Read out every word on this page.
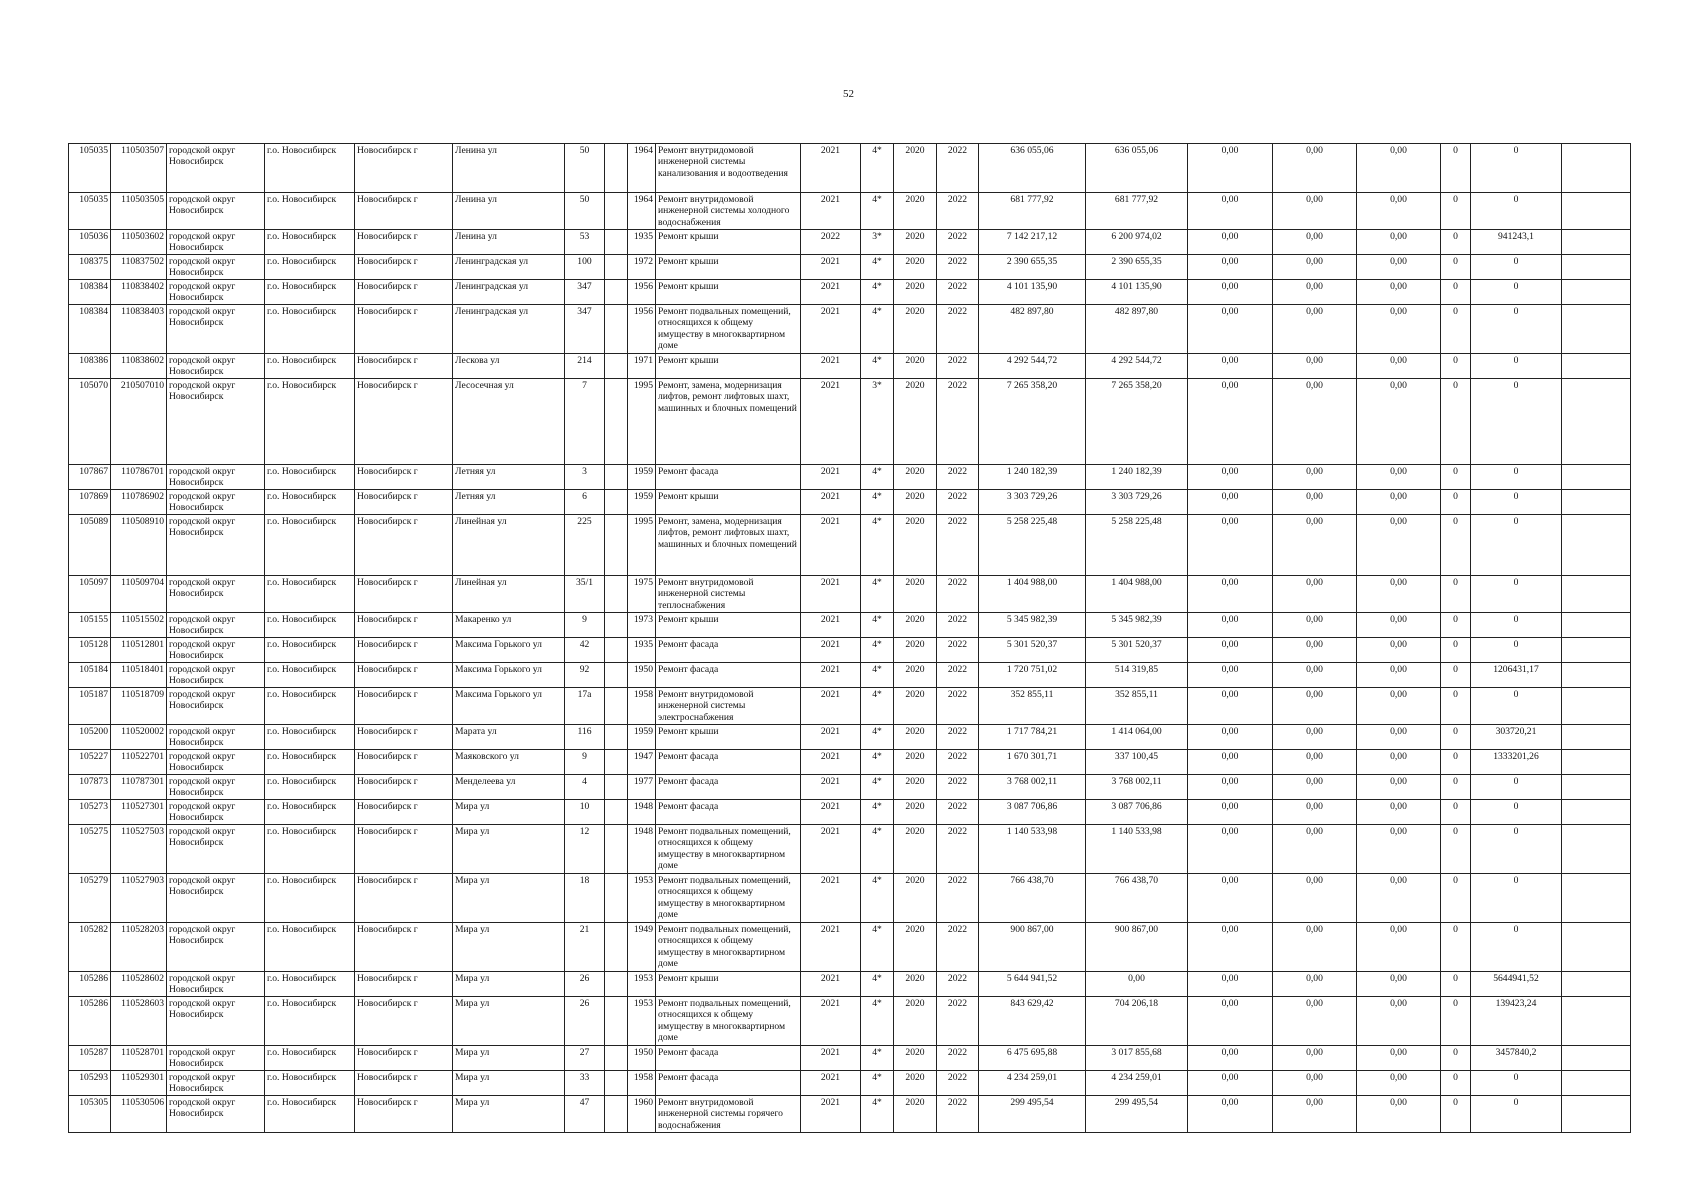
52
105035	110503507	городской округ Новосибирск	г.о. Новосибирск	Новосибирск г	Ленина ул	50		1964	Ремонт внутридомовой инженерной системы канализования и водоотведения	2021	4*	2020	2022	636 055,06	636 055,06	0,00	0,00	0,00	0	0	
105035	110503505	городской округ Новосибирск	г.о. Новосибирск	Новосибирск г	Ленина ул	50		1964	Ремонт внутридомовой инженерной системы холодного водоснабжения	2021	4*	2020	2022	681 777,92	681 777,92	0,00	0,00	0,00	0	0	
105036	110503602	городской округ Новосибирск	г.о. Новосибирск	Новосибирск г	Ленина ул	53		1935	Ремонт крыши	2022	3*	2020	2022	7 142 217,12	6 200 974,02	0,00	0,00	0,00	0	941243,1	
108375	110837502	городской округ Новосибирск	г.о. Новосибирск	Новосибирск г	Ленинградская ул	100		1972	Ремонт крыши	2021	4*	2020	2022	2 390 655,35	2 390 655,35	0,00	0,00	0,00	0	0	
108384	110838402	городской округ Новосибирск	г.о. Новосибирск	Новосибирск г	Ленинградская ул	347		1956	Ремонт крыши	2021	4*	2020	2022	4 101 135,90	4 101 135,90	0,00	0,00	0,00	0	0	
108384	110838403	городской округ Новосибирск	г.о. Новосибирск	Новосибирск г	Ленинградская ул	347		1956	Ремонт подвальных помещений, относящихся к общему имуществу в многоквартирном доме	2021	4*	2020	2022	482 897,80	482 897,80	0,00	0,00	0,00	0	0	
108386	110838602	городской округ Новосибирск	г.о. Новосибирск	Новосибирск г	Лескова ул	214		1971	Ремонт крыши	2021	4*	2020	2022	4 292 544,72	4 292 544,72	0,00	0,00	0,00	0	0	
105070	210507010	городской округ Новосибирск	г.о. Новосибирск	Новосибирск г	Лесосечная ул	7		1995	Ремонт, замена, модернизация лифтов, ремонт лифтовых шахт, машинных и блочных помещений	2021	3*	2020	2022	7 265 358,20	7 265 358,20	0,00	0,00	0,00	0	0	
107867	110786701	городской округ Новосибирск	г.о. Новосибирск	Новосибирск г	Летняя ул	3		1959	Ремонт фасада	2021	4*	2020	2022	1 240 182,39	1 240 182,39	0,00	0,00	0,00	0	0	
107869	110786902	городской округ Новосибирск	г.о. Новосибирск	Новосибирск г	Летняя ул	6		1959	Ремонт крыши	2021	4*	2020	2022	3 303 729,26	3 303 729,26	0,00	0,00	0,00	0	0	
105089	110508910	городской округ Новосибирск	г.о. Новосибирск	Новосибирск г	Линейная ул	225		1995	Ремонт, замена, модернизация лифтов, ремонт лифтовых шахт, машинных и блочных помещений	2021	4*	2020	2022	5 258 225,48	5 258 225,48	0,00	0,00	0,00	0	0	
105097	110509704	городской округ Новосибирск	г.о. Новосибирск	Новосибирск г	Линейная ул	35/1		1975	Ремонт внутридомовой инженерной системы теплоснабжения	2021	4*	2020	2022	1 404 988,00	1 404 988,00	0,00	0,00	0,00	0	0	
105155	110515502	городской округ Новосибирск	г.о. Новосибирск	Новосибирск г	Макаренко ул	9		1973	Ремонт крыши	2021	4*	2020	2022	5 345 982,39	5 345 982,39	0,00	0,00	0,00	0	0	
105128	110512801	городской округ Новосибирск	г.о. Новосибирск	Новосибирск г	Максима Горького ул	42		1935	Ремонт фасада	2021	4*	2020	2022	5 301 520,37	5 301 520,37	0,00	0,00	0,00	0	0	
105184	110518401	городской округ Новосибирск	г.о. Новосибирск	Новосибирск г	Максима Горького ул	92		1950	Ремонт фасада	2021	4*	2020	2022	1 720 751,02	514 319,85	0,00	0,00	0,00	0	1206431,17	
105187	110518709	городской округ Новосибирск	г.о. Новосибирск	Новосибирск г	Максима Горького ул	17а		1958	Ремонт внутридомовой инженерной системы электроснабжения	2021	4*	2020	2022	352 855,11	352 855,11	0,00	0,00	0,00	0	0	
105200	110520002	городской округ Новосибирск	г.о. Новосибирск	Новосибирск г	Марата ул	116		1959	Ремонт крыши	2021	4*	2020	2022	1 717 784,21	1 414 064,00	0,00	0,00	0,00	0	303720,21	
105227	110522701	городской округ Новосибирск	г.о. Новосибирск	Новосибирск г	Маяковского ул	9		1947	Ремонт фасада	2021	4*	2020	2022	1 670 301,71	337 100,45	0,00	0,00	0,00	0	1333201,26	
107873	110787301	городской округ Новосибирск	г.о. Новосибирск	Новосибирск г	Менделеева ул	4		1977	Ремонт фасада	2021	4*	2020	2022	3 768 002,11	3 768 002,11	0,00	0,00	0,00	0	0	
105273	110527301	городской округ Новосибирск	г.о. Новосибирск	Новосибирск г	Мира ул	10		1948	Ремонт фасада	2021	4*	2020	2022	3 087 706,86	3 087 706,86	0,00	0,00	0,00	0	0	
105275	110527503	городской округ Новосибирск	г.о. Новосибирск	Новосибирск г	Мира ул	12		1948	Ремонт подвальных помещений, относящихся к общему имуществу в многоквартирном доме	2021	4*	2020	2022	1 140 533,98	1 140 533,98	0,00	0,00	0,00	0	0	
105279	110527903	городской округ Новосибирск	г.о. Новосибирск	Новосибирск г	Мира ул	18		1953	Ремонт подвальных помещений, относящихся к общему имуществу в многоквартирном доме	2021	4*	2020	2022	766 438,70	766 438,70	0,00	0,00	0,00	0	0	
105282	110528203	городской округ Новосибирск	г.о. Новосибирск	Новосибирск г	Мира ул	21		1949	Ремонт подвальных помещений, относящихся к общему имуществу в многоквартирном доме	2021	4*	2020	2022	900 867,00	900 867,00	0,00	0,00	0,00	0	0	
105286	110528602	городской округ Новосибирск	г.о. Новосибирск	Новосибирск г	Мира ул	26		1953	Ремонт крыши	2021	4*	2020	2022	5 644 941,52	0,00	0,00	0,00	0,00	0	5644941,52	
105286	110528603	городской округ Новосибирск	г.о. Новосибирск	Новосибирск г	Мира ул	26		1953	Ремонт подвальных помещений, относящихся к общему имуществу в многоквартирном доме	2021	4*	2020	2022	843 629,42	704 206,18	0,00	0,00	0,00	0	139423,24	
105287	110528701	городской округ Новосибирск	г.о. Новосибирск	Новосибирск г	Мира ул	27		1950	Ремонт фасада	2021	4*	2020	2022	6 475 695,88	3 017 855,68	0,00	0,00	0,00	0	3457840,2	
105293	110529301	городской округ Новосибирск	г.о. Новосибирск	Новосибирск г	Мира ул	33		1958	Ремонт фасада	2021	4*	2020	2022	4 234 259,01	4 234 259,01	0,00	0,00	0,00	0	0	
105305	110530506	городской округ Новосибирск	г.о. Новосибирск	Новосибирск г	Мира ул	47		1960	Ремонт внутридомовой инженерной системы горячего водоснабжения	2021	4*	2020	2022	299 495,54	299 495,54	0,00	0,00	0,00	0	0	
